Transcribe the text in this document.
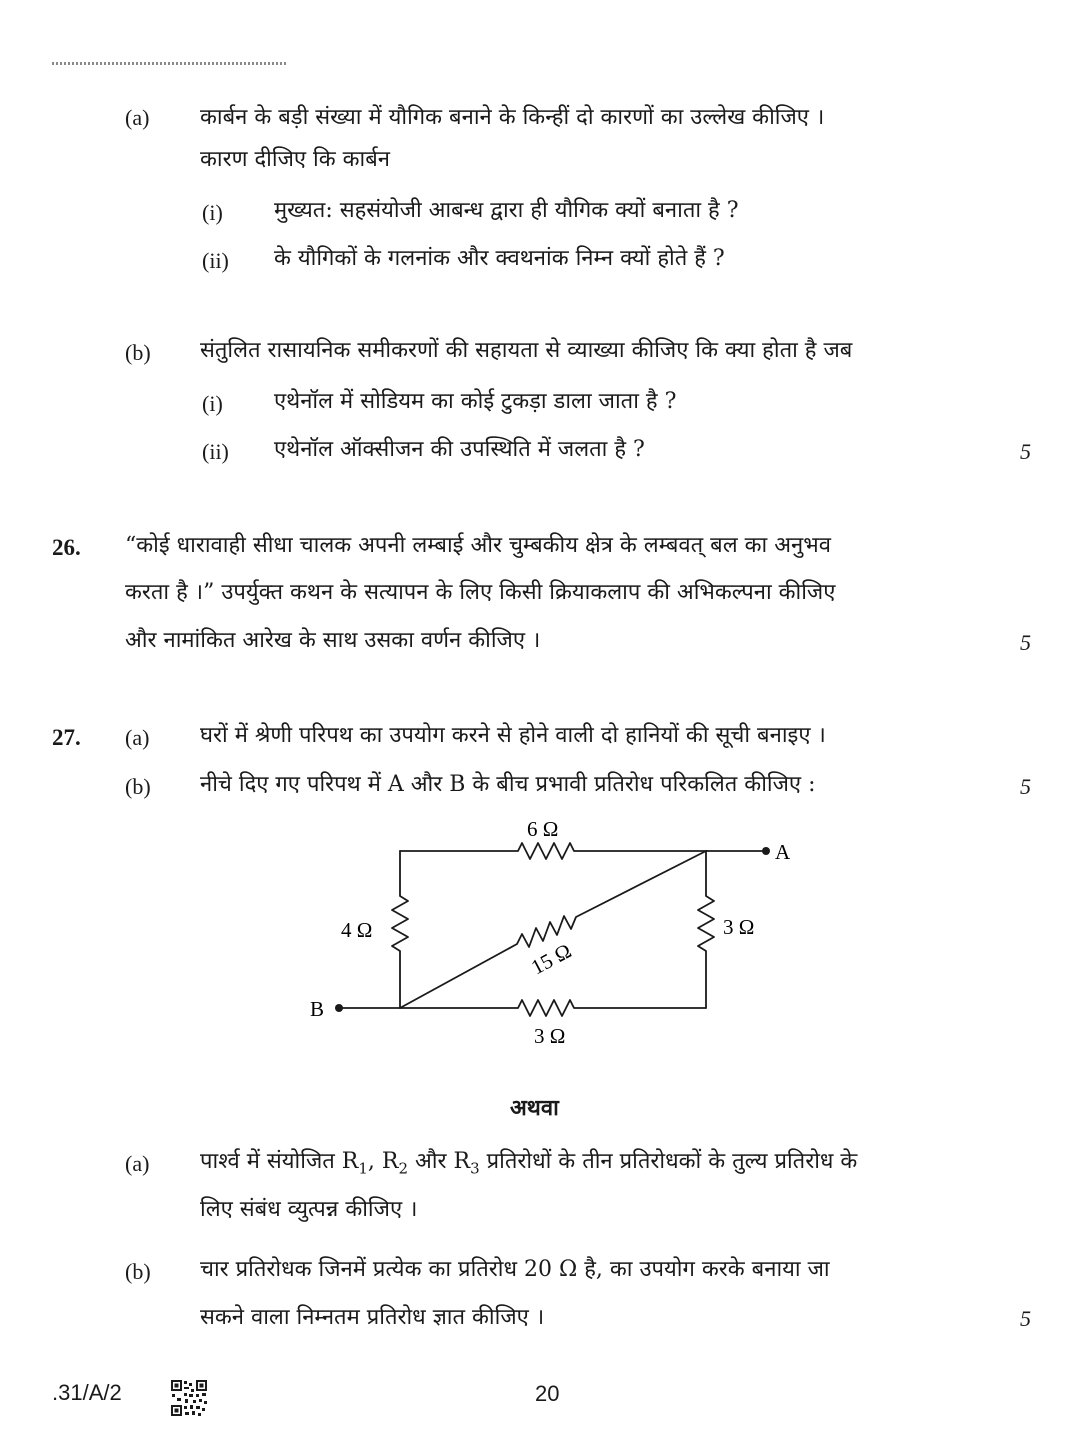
(a) कार्बन के बड़ी संख्या में यौगिक बनाने के किन्हीं दो कारणों का उल्लेख कीजिए ।
कारण दीजिए कि कार्बन
(i) मुख्यत: सहसंयोजी आबन्ध द्वारा ही यौगिक क्यों बनाता है ?
(ii) के यौगिकों के गलनांक और क्वथनांक निम्न क्यों होते हैं ?
(b) संतुलित रासायनिक समीकरणों की सहायता से व्याख्या कीजिए कि क्या होता है जब
(i) एथेनॉल में सोडियम का कोई टुकड़ा डाला जाता है ?
(ii) एथेनॉल ऑक्सीजन की उपस्थिति में जलता है ?	5
26. “कोई धारावाही सीधा चालक अपनी लम्बाई और चुम्बकीय क्षेत्र के लम्बवत् बल का अनुभव
करता है ।” उपर्युक्त कथन के सत्यापन के लिए किसी क्रियाकलाप की अभिकल्पना कीजिए
और नामांकित आरेख के साथ उसका वर्णन कीजिए ।	5
27. (a) घरों में श्रेणी परिपथ का उपयोग करने से होने वाली दो हानियों की सूची बनाइए ।
(b) नीचे दिए गए परिपथ में A और B के बीच प्रभावी प्रतिरोध परिकलित कीजिए :	5
6 Ω
4 Ω	3 Ω
3 Ω
15 Ω
A
B
अथवा
(a) पार्श्व में संयोजित $R_1$, $R_2$ और $R_3$ प्रतिरोधों के तीन प्रतिरोधकों के तुल्य प्रतिरोध के
लिए संबंध व्युत्पन्न कीजिए ।
(b) चार प्रतिरोधक जिनमें प्रत्येक का प्रतिरोध 20 Ω है, का उपयोग करके बनाया जा
सकने वाला निम्नतम प्रतिरोध ज्ञात कीजिए ।	5
.31/A/2	20
